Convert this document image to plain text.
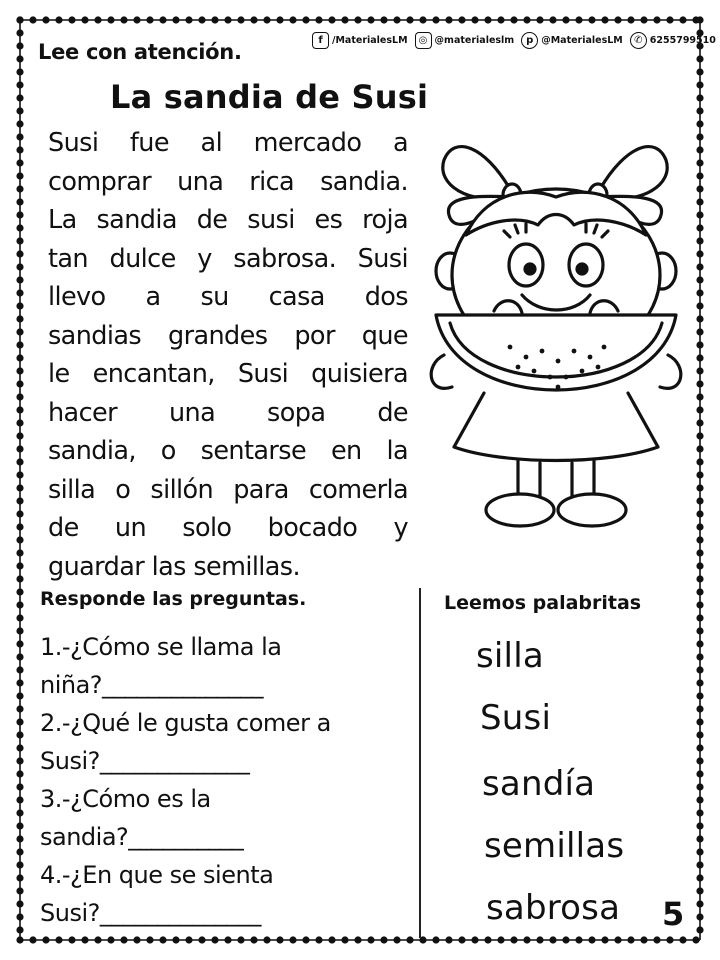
Lee con atención.	f /MaterialesLM	◎ @materialeslm	p @MaterialesLM	✆ 6255799510
La sandia de Susi
Susi fue al mercado a
comprar una rica sandia.
La sandia de susi es roja
tan dulce y sabrosa. Susi
llevo a su casa dos
sandias grandes por que
le encantan, Susi quisiera
hacer una sopa de
sandia, o sentarse en la
silla o sillón para comerla
de un solo bocado y
guardar las semillas.
Responde las preguntas.
1.-¿Cómo se llama la
niña?______________
2.-¿Qué le gusta comer a
Susi?_____________
3.-¿Cómo es la
sandia?__________
4.-¿En que se sienta
Susi?______________
Leemos palabritas
silla
Susi
sandía
semillas
sabrosa 5
